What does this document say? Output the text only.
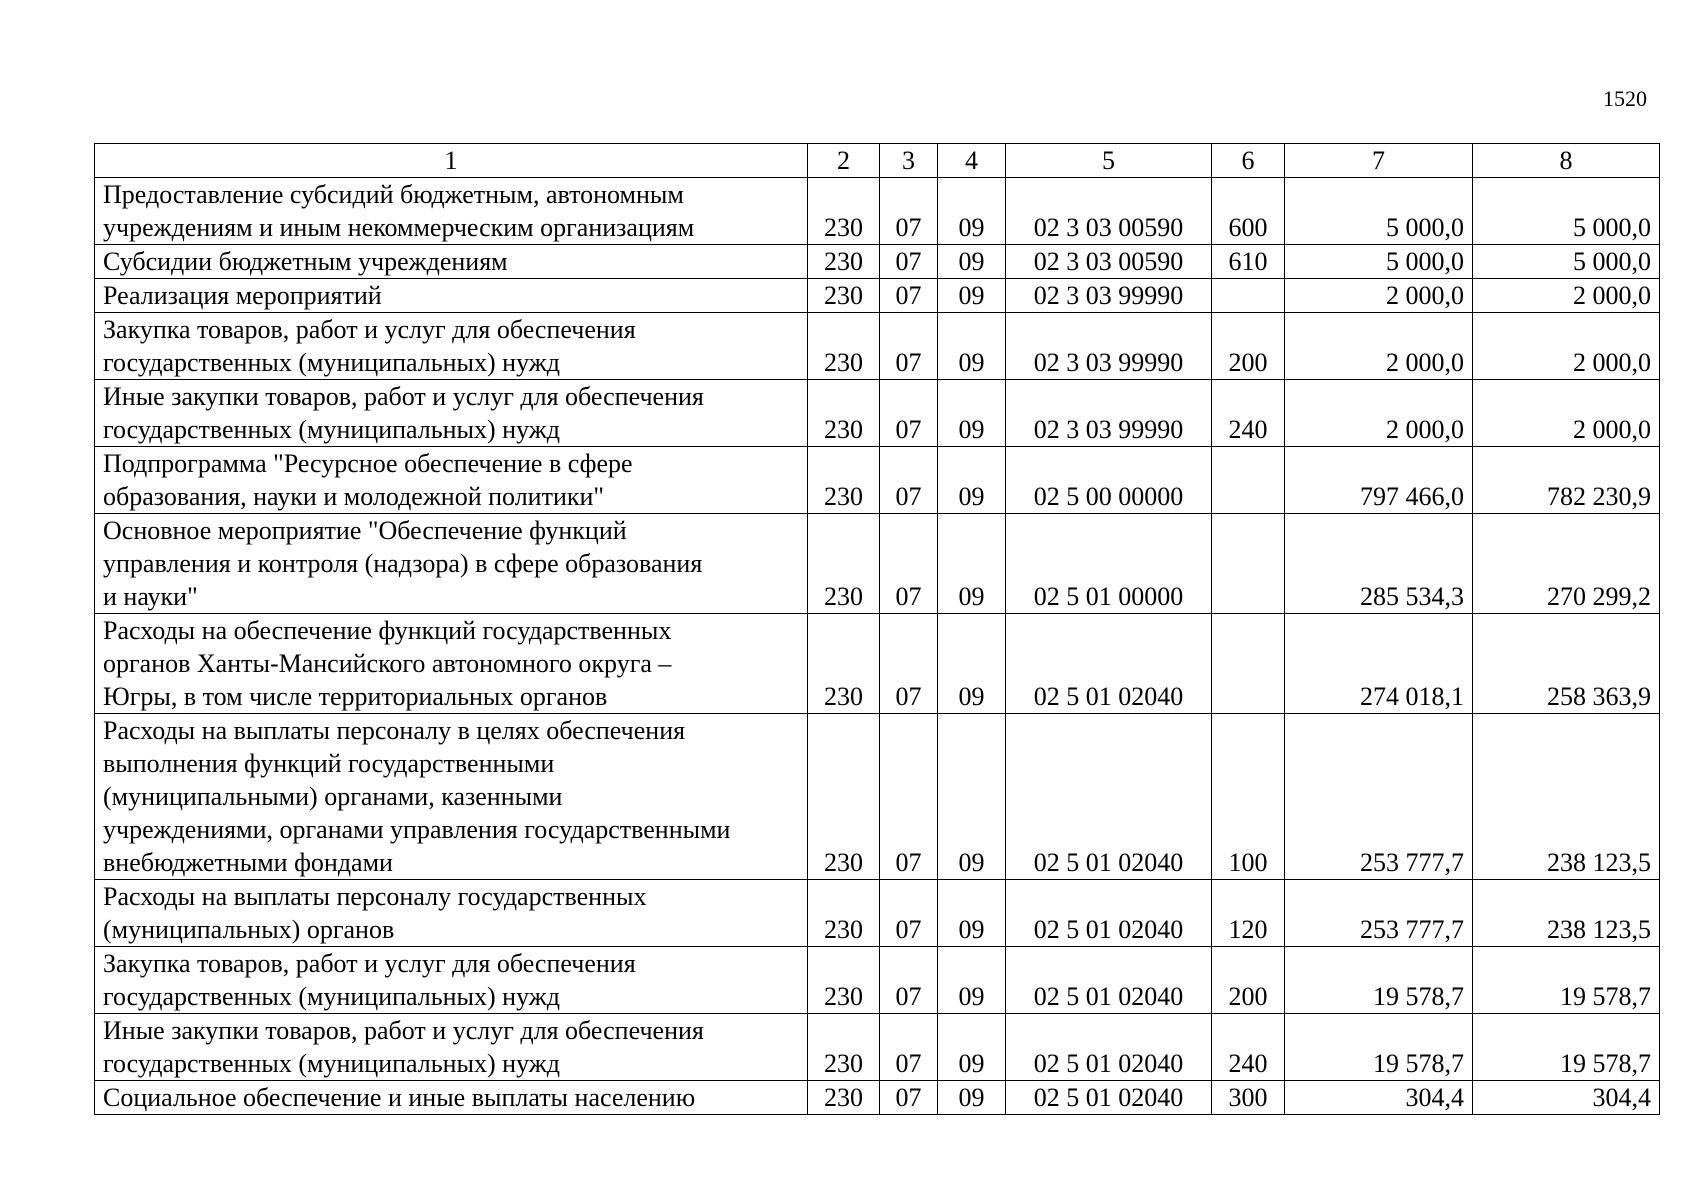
1520
1	2	3	4	5	6	7	8

Предоставление субсидий бюджетным, автономным
учреждениям и иным некоммерческим организациям	230	07	09	02 3 03 00590	600	5 000,0	5 000,0

Субсидии бюджетным учреждениям	230	07	09	02 3 03 00590	610	5 000,0	5 000,0

Реализация мероприятий	230	07	09	02 3 03 99990		2 000,0	2 000,0

Закупка товаров, работ и услуг для обеспечения
государственных (муниципальных) нужд	230	07	09	02 3 03 99990	200	2 000,0	2 000,0

Иные закупки товаров, работ и услуг для обеспечения
государственных (муниципальных) нужд	230	07	09	02 3 03 99990	240	2 000,0	2 000,0

Подпрограмма "Ресурсное обеспечение в сфере
образования, науки и молодежной политики"	230	07	09	02 5 00 00000		797 466,0	782 230,9

Основное мероприятие "Обеспечение функций
управления и контроля (надзора) в сфере образования
и науки"	230	07	09	02 5 01 00000		285 534,3	270 299,2

Расходы на обеспечение функций государственных
органов Ханты-Мансийского автономного округа –
Югры, в том числе территориальных органов	230	07	09	02 5 01 02040		274 018,1	258 363,9

Расходы на выплаты персоналу в целях обеспечения
выполнения функций государственными
(муниципальными) органами, казенными
учреждениями, органами управления государственными
внебюджетными фондами	230	07	09	02 5 01 02040	100	253 777,7	238 123,5

Расходы на выплаты персоналу государственных
(муниципальных) органов	230	07	09	02 5 01 02040	120	253 777,7	238 123,5

Закупка товаров, работ и услуг для обеспечения
государственных (муниципальных) нужд	230	07	09	02 5 01 02040	200	19 578,7	19 578,7

Иные закупки товаров, работ и услуг для обеспечения
государственных (муниципальных) нужд	230	07	09	02 5 01 02040	240	19 578,7	19 578,7

Социальное обеспечение и иные выплаты населению	230	07	09	02 5 01 02040	300	304,4	304,4
